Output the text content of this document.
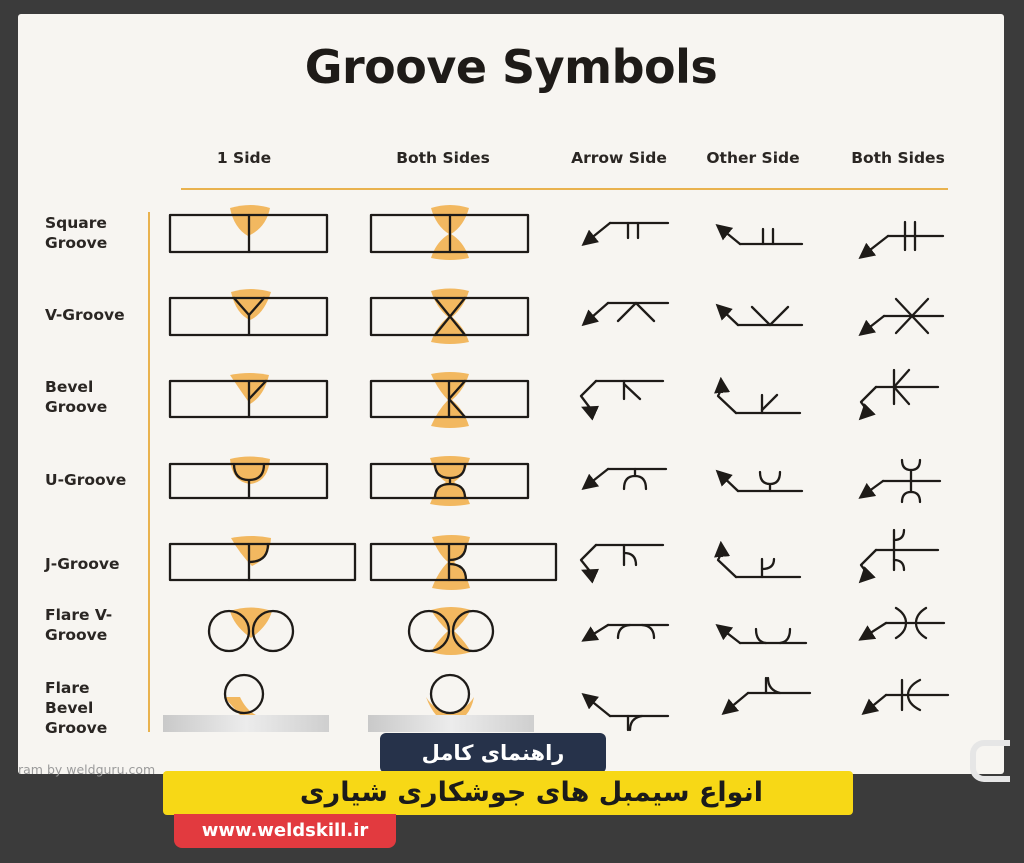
Groove Symbols
1 Side	Both Sides	Arrow Side	Other Side	Both Sides
Square
Groove
V-Groove
Bevel
Groove
U-Groove
J-Groove
Flare V-
Groove
Flare
Bevel
Groove
ram by weldguru.com
راهنمای کامل
انواع سیمبل های جوشکاری شیاری
www.weldskill.ir
